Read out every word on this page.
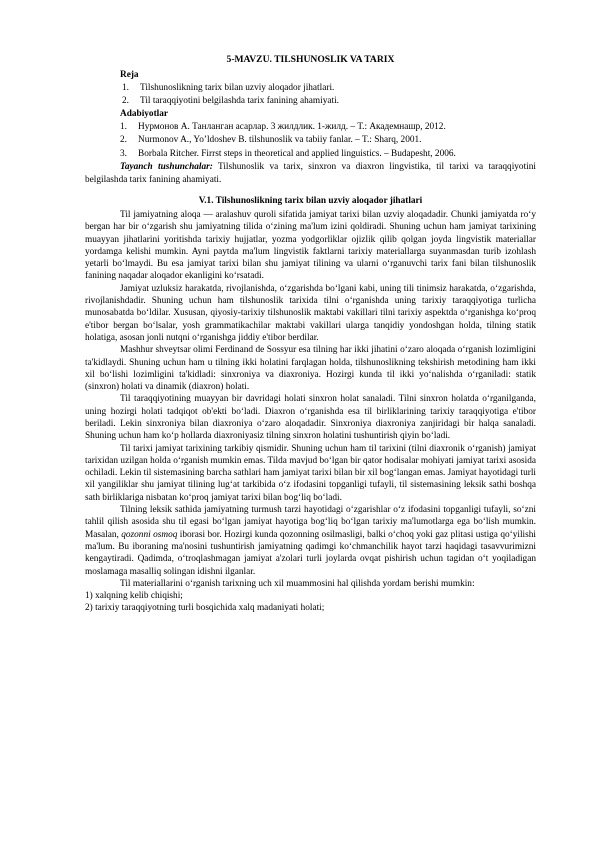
5-MAVZU. TILSHUNOSLIK VA TARIX

Reja

1. Tilshunoslikning tarix bilan uzviy aloqador jihatlari.
2. Til taraqqiyotini belgilashda tarix fanining ahamiyati.

Adabiyotlar

1. Нурмонов А. Танланган асарлар. 3 жилдлик. 1-жилд. – Т.: Академнашр, 2012.
2. Nurmonov A., Yo’ldoshev B. tilshunoslik va tabiiy fanlar. – T.: Sharq, 2001.
3. Borbala Ritcher. Firrst steps in theoretical and applied linguistics. – Budapesht, 2006.

Tayanch tushunchalar: Tilshunoslik va tarix, sinxron va diaxron lingvistika, til tarixi va taraqqiyotini belgilashda tarix fanining ahamiyati.

V.1. Tilshunoslikning tarix bilan uzviy aloqador jihatlari

Til jamiyatning aloqa — aralashuv quroli sifatida jamiyat tarixi bilan uzviy aloqadadir. Chunki jamiyatda ro‘y bergan har bir o‘zgarish shu jamiyatning tilida o‘zining ma'lum izini qoldiradi. Shuning uchun ham jamiyat tarixining muayyan jihatlarini yoritishda tarixiy hujjatlar, yozma yodgorliklar ojizlik qilib qolgan joyda lingvistik materiallar yordamga kelishi mumkin. Ayni paytda ma'lum lingvistik faktlarni tarixiy materiallarga suyanmasdan turib izohlash yetarli bo‘lmaydi. Bu esa jamiyat tarixi bilan shu jamiyat tilining va ularni o‘rganuvchi tarix fani bilan tilshunoslik fanining naqadar aloqador ekanligini ko‘rsatadi.

Jamiyat uzluksiz harakatda, rivojlanishda, o‘zgarishda bo‘lgani kabi, uning tili tinimsiz harakatda, o‘zgarishda, rivojlanishdadir. Shuning uchun ham tilshunoslik tarixida tilni o‘rganishda uning tarixiy taraqqiyotiga turlicha munosabatda bo‘ldilar. Xususan, qiyosiy-tarixiy tilshunoslik maktabi vakillari tilni tarixiy aspektda o‘rganishga ko‘proq e'tibor bergan bo‘lsalar, yosh grammatikachilar maktabi vakillari ularga tanqidiy yondoshgan holda, tilning statik holatiga, asosan jonli nutqni o‘rganishga jiddiy e'tibor berdilar.

Mashhur shveytsar olimi Ferdinand de Sossyur esa tilning har ikki jihatini o‘zaro aloqada o‘rganish lozimligini ta'kidlaydi. Shuning uchun ham u tilning ikki holatini farqlagan holda, tilshunoslikning tekshirish metodining ham ikki xil bo‘lishi lozimligini ta'kidladi: sinxroniya va diaxroniya. Hozirgi kunda til ikki yo‘nalishda o‘rganiladi: statik (sinxron) holati va dinamik (diaxron) holati.

Til taraqqiyotining muayyan bir davridagi holati sinxron holat sanaladi. Tilni sinxron holatda o‘rganilganda, uning hozirgi holati tadqiqot ob'ekti bo‘ladi. Diaxron o‘rganishda esa til birliklarining tarixiy taraqqiyotiga e'tibor beriladi. Lekin sinxroniya bilan diaxroniya o‘zaro aloqadadir. Sinxroniya diaxroniya zanjiridagi bir halqa sanaladi. Shuning uchun ham ko‘p hollarda diaxroniyasiz tilning sinxron holatini tushuntirish qiyin bo‘ladi.

Til tarixi jamiyat tarixining tarkibiy qismidir. Shuning uchun ham til tarixini (tilni diaxronik o‘rganish) jamiyat tarixidan uzilgan holda o‘rganish mumkin emas. Tilda mavjud bo‘lgan bir qator hodisalar mohiyati jamiyat tarixi asosida ochiladi. Lekin til sistemasining barcha sathlari ham jamiyat tarixi bilan bir xil bog‘langan emas. Jamiyat hayotidagi turli xil yangiliklar shu jamiyat tilining lug‘at tarkibida o‘z ifodasini topganligi tufayli, til sistemasining leksik sathi boshqa sath birliklariga nisbatan ko‘proq jamiyat tarixi bilan bog‘liq bo‘ladi.

Tilning leksik sathida jamiyatning turmush tarzi hayotidagi o‘zgarishlar o‘z ifodasini topganligi tufayli, so‘zni tahlil qilish asosida shu til egasi bo‘lgan jamiyat hayotiga bog‘liq bo‘lgan tarixiy ma'lumotlarga ega bo‘lish mumkin. Masalan, qozonni osmoq iborasi bor. Hozirgi kunda qozonning osilmasligi, balki o‘choq yoki gaz plitasi ustiga qo‘yilishi ma'lum. Bu iboraning ma'nosini tushuntirish jamiyatning qadimgi ko‘chmanchilik hayot tarzi haqidagi tasavvurimizni kengaytiradi. Qadimda, o‘troqlashmagan jamiyat a'zolari turli joylarda ovqat pishirish uchun tagidan o‘t yoqiladigan moslamaga masalliq solingan idishni ilganlar.

Til materiallarini o‘rganish tarixning uch xil muammosini hal qilishda yordam berishi mumkin:

1) xalqning kelib chiqishi;

2) tarixiy taraqqiyotning turli bosqichida xalq madaniyati holati;
